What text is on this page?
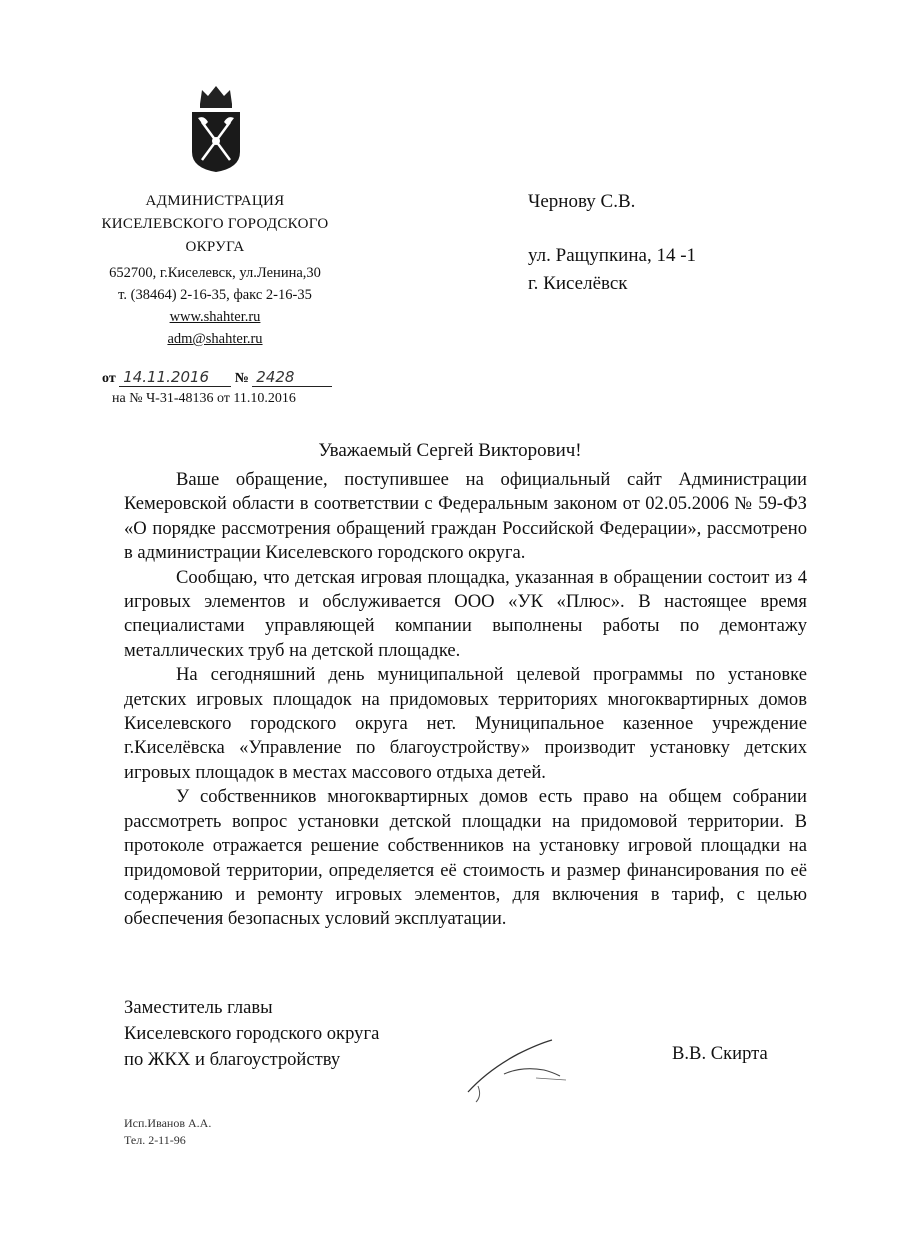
АДМИНИСТРАЦИЯ
КИСЕЛЕВСКОГО ГОРОДСКОГО
ОКРУГА
652700, г.Киселевск, ул.Ленина,30
т. (38464) 2-16-35, факс 2-16-35
www.shahter.ru
adm@shahter.ru
от 14.11.2016 № 2428
на № Ч-31-48136 от 11.10.2016
Чернову С.В.
ул. Ращупкина, 14 -1
г. Киселёвск
Уважаемый Сергей Викторович!

Ваше обращение, поступившее на официальный сайт Администрации Кемеровской области в соответствии с Федеральным законом от 02.05.2006 № 59-ФЗ «О порядке рассмотрения обращений граждан Российской Федерации», рассмотрено в администрации Киселевского городского округа.

Сообщаю, что детская игровая площадка, указанная в обращении состоит из 4 игровых элементов и обслуживается ООО «УК «Плюс». В настоящее время специалистами управляющей компании выполнены работы по демонтажу металлических труб на детской площадке.

На сегодняшний день муниципальной целевой программы по установке детских игровых площадок на придомовых территориях многоквартирных домов Киселевского городского округа нет. Муниципальное казенное учреждение г.Киселёвска «Управление по благоустройству» производит установку детских игровых площадок в местах массового отдыха детей.

У собственников многоквартирных домов есть право на общем собрании рассмотреть вопрос установки детской площадки на придомовой территории. В протоколе отражается решение собственников на установку игровой площадки на придомовой территории, определяется её стоимость и размер финансирования по её содержанию и ремонту игровых элементов, для включения в тариф, с целью обеспечения безопасных условий эксплуатации.

Заместитель главы
Киселевского городского округа
по ЖКХ и благоустройству	В.В. Скирта
Исп.Иванов А.А.
Тел. 2-11-96
